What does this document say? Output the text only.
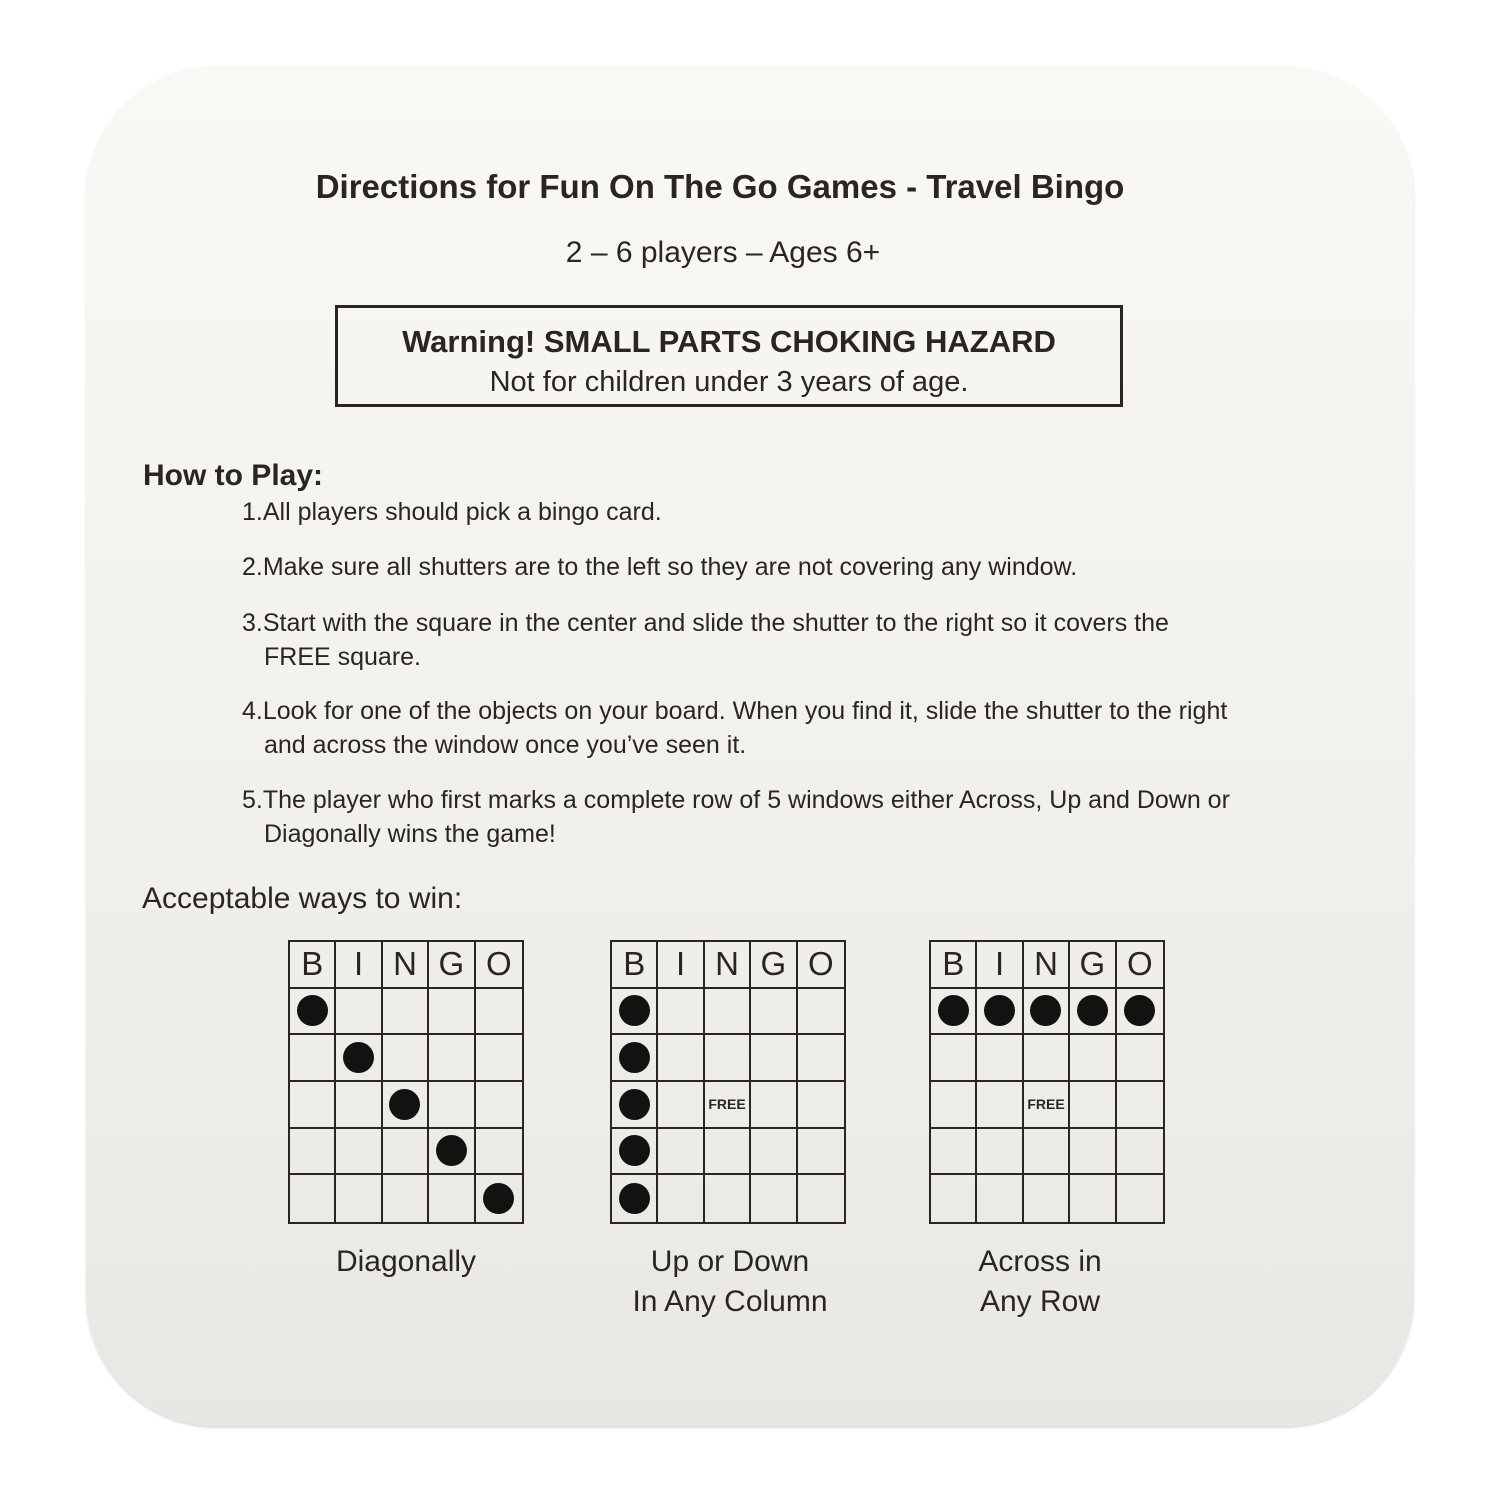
Directions for Fun On The Go Games - Travel Bingo
2 – 6 players – Ages 6+
Warning! SMALL PARTS CHOKING HAZARD
Not for children under 3 years of age.
How to Play:
1.All players should pick a bingo card.
2.Make sure all shutters are to the left so they are not covering any window.
3.Start with the square in the center and slide the shutter to the right so it covers the
FREE square.
4.Look for one of the objects on your board. When you find it, slide the shutter to the right
and across the window once you’ve seen it.
5.The player who first marks a complete row of 5 windows either Across, Up and Down or
Diagonally wins the game!
Acceptable ways to win:
B I N G O	B I N G O
FREE
B I N G O
FREE
Diagonally	Up or Down
In Any Column
Across in
Any Row
